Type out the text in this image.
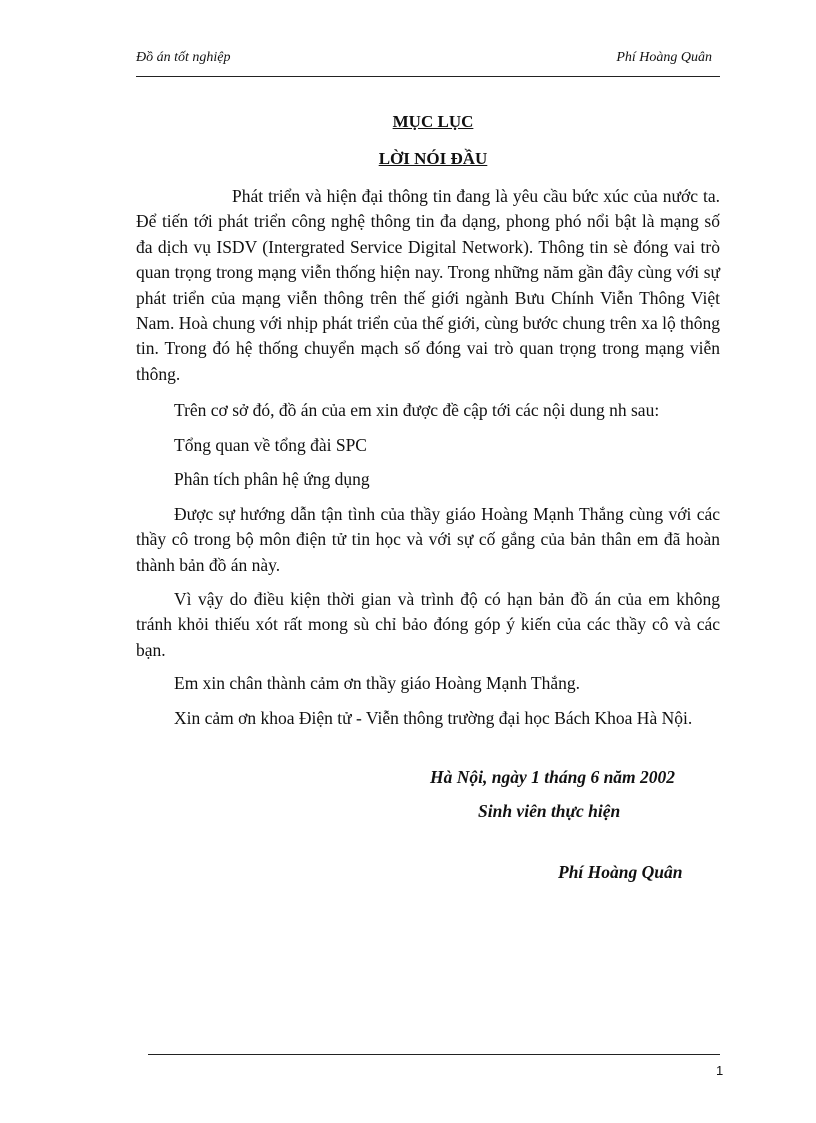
Đồ án tốt nghiệp	Phí Hoàng Quân
MỤC LỤC
LỜI NÓI ĐẦU
Phát triển và hiện đại thông tin đang là yêu cầu bức xúc của nước ta. Để tiến tới phát triển công nghệ thông tin đa dạng, phong phó nổi bật là mạng số đa dịch vụ ISDV (Intergrated Service Digital Network). Thông tin sè đóng vai trò quan trọng trong mạng viễn thống hiện nay. Trong những năm gần đây cùng với sự phát triển của mạng viễn thông trên thế giới ngành Bưu Chính Viễn Thông Việt Nam. Hoà chung với nhịp phát triển của thế giới, cùng bước chung trên xa lộ thông tin. Trong đó hệ thống chuyển mạch số đóng vai trò quan trọng trong mạng viễn thông.
Trên cơ sở đó, đồ án của em xin được đề cập tới các nội dung nh sau:
Tổng quan về tổng đài SPC
Phân tích phân hệ ứng dụng
Được sự hướng dẫn tận tình của thầy giáo Hoàng Mạnh Thắng cùng với các thầy cô trong bộ môn điện tử tin học và với sự cố gắng của bản thân em đã hoàn thành bản đồ án này.
Vì vậy do điều kiện thời gian và trình độ có hạn bản đồ án của em không tránh khỏi thiếu xót rất mong sù chỉ bảo đóng góp ý kiến của các thầy cô và các bạn.
Em xin chân thành cảm ơn thầy giáo Hoàng Mạnh Thắng.
Xin cảm ơn khoa Điện tử - Viễn thông trường đại học Bách Khoa Hà Nội.
Hà Nội, ngày 1 tháng 6 năm 2002
Sinh viên thực hiện
Phí Hoàng Quân
1
